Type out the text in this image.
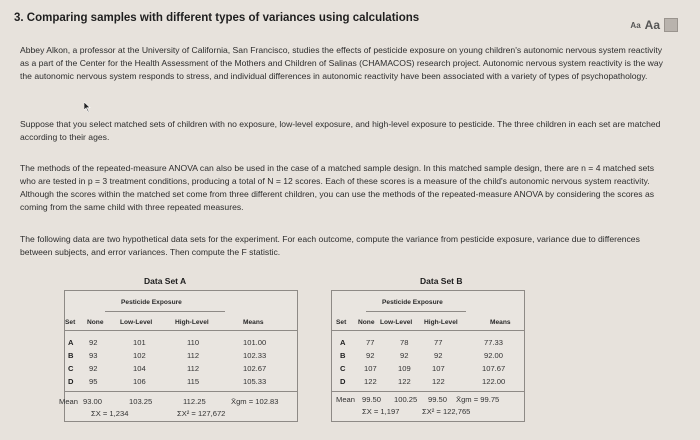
3. Comparing samples with different types of variances using calculations
Aa Aa
Abbey Alkon, a professor at the University of California, San Francisco, studies the effects of pesticide exposure on young children's autonomic nervous system reactivity as a part of the Center for the Health Assessment of the Mothers and Children of Salinas (CHAMACOS) research project. Autonomic nervous system reactivity is the way the autonomic nervous system responds to stress, and individual differences in autonomic reactivity have been associated with a variety of types of psychopathology.
Suppose that you select matched sets of children with no exposure, low-level exposure, and high-level exposure to pesticide. The three children in each set are matched according to their ages.
The methods of the repeated-measure ANOVA can also be used in the case of a matched sample design. In this matched sample design, there are n = 4 matched sets who are tested in p = 3 treatment conditions, producing a total of N = 12 scores. Each of these scores is a measure of the child's autonomic nervous system reactivity. Although the scores within the matched set come from three different children, you can use the methods of the repeated-measure ANOVA by considering the scores as coming from the same child with three repeated measures.
The following data are two hypothetical data sets for the experiment. For each outcome, compute the variance from pesticide exposure, variance due to differences between subjects, and error variances. Then compute the F statistic.
Data Set A
Pesticide Exposure
Set None	Low-Level	High-Level	Means
A 92	101	110	101.00
B 93	102	112	102.33
C 92	104	112	102.67
D 95	106	115	105.33
Mean 93.00	103.25	112.25	X̄gm = 102.83
ΣX = 1,234	ΣX² = 127,672
Data Set B
Pesticide Exposure
Set None Low-Level High-Level	Means
A	77	78	77	77.33
B	92	92	92	92.00
C 107	109	107	107.67
D 122	122	122	122.00
Mean 99.50 100.25 99.50 X̄gm = 99.75
ΣX = 1,197	ΣX² = 122,765
